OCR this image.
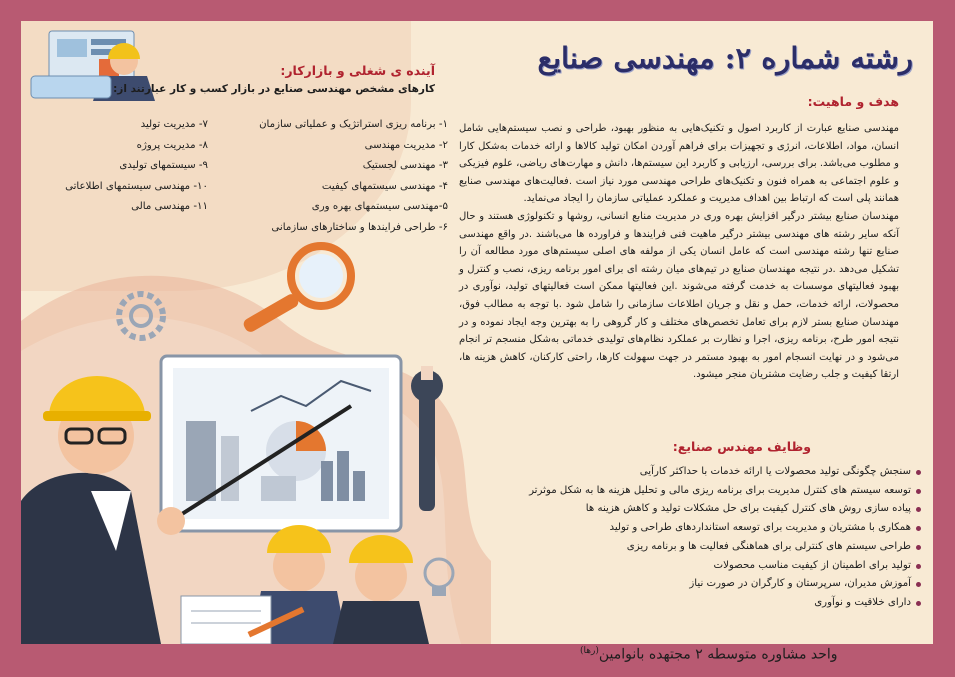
رشته شماره ۲: مهندسی صنایع
هدف و ماهیت:

مهندسی صنایع عبارت از کاربرد اصول و تکنیک‌هایی به منظور بهبود، طراحی و نصب سیستم‌هایی شامل انسان، مواد، اطلاعات، انرژی و تجهیزات برای فراهم آوردن امکان تولید کالاها و ارائه خدمات به‌شکل کارا و مطلوب می‌باشد. برای بررسی، ارزیابی و کاربرد این سیستم‌ها، دانش و مهارت‌های ریاضی، علوم فیزیکی و علوم اجتماعی به همراه فنون و تکنیک‌های طراحی مهندسی مورد نیاز است .فعالیت‌های مهندسی صنایع همانند پلی است که ارتباط بین اهداف مدیریت و عملکرد عملیاتی سازمان را ایجاد می‌نماید.

مهندسان صنایع بیشتر درگیر افزایش بهره وری در مدیریت منابع انسانی، روشها و تکنولوژی هستند و حال آنکه سایر رشته های مهندسی بیشتر درگیر ماهیت فنی فرایندها و فراورده ها می‌باشند .در واقع مهندسی صنایع تنها رشته مهندسی است که عامل انسان یکی از مولفه های اصلی سیستم‌های مورد مطالعه آن را تشکیل می‌دهد .در نتیجه مهندسان صنایع در تیم‌های میان رشته ای برای امور برنامه ریزی، نصب و کنترل و بهبود فعالیتهای موسسات به خدمت گرفته می‌شوند .این فعالیتها ممکن است فعالیتهای تولید، نوآوری در محصولات، ارائه خدمات، حمل و نقل و جریان اطلاعات سازمانی را شامل شود .با توجه به مطالب فوق، مهندسان صنایع بستر لازم برای تعامل تخصص‌های مختلف و کار گروهی را به بهترین وجه ایجاد نموده و در نتیجه امور طرح، برنامه ریزی، اجرا و نظارت بر عملکرد نظام‌های تولیدی خدماتی به‌شکل منسجم تر انجام می‌شود و در نهایت انسجام امور به بهبود مستمر در جهت سهولت کارها، راحتی کارکنان، کاهش هزینه ها، ارتقا کیفیت و جلب رضایت مشتریان منجر میشود.

وظایف مهندس صنایع:
سنجش چگونگی تولید محصولات یا ارائه خدمات با حداکثر کارآیی
توسعه سیستم های کنترل مدیریت برای برنامه ریزی مالی و تحلیل هزینه ها به شکل موثرتر
پیاده سازی روش های کنترل کیفیت برای حل مشکلات تولید و کاهش هزینه ها
همکاری با مشتریان و مدیریت برای توسعه استانداردهای طراحی و تولید
طراحی سیستم های کنترلی برای هماهنگی فعالیت ها و برنامه ریزی
تولید برای اطمینان از کیفیت مناسب محصولات
آموزش مدیران، سرپرستان و کارگران در صورت نیاز
دارای خلاقیت و نوآوری
آینده ی شغلی و بازارکار:
کارهای مشخص مهندسی صنایع در بازار کسب و کار عبارتند از:
۱- برنامه ریزی استراتژیک و عملیاتی سازمان
۲- مدیریت مهندسی
۳- مهندسی لجستیک
۴- مهندسی سیستمهای کیفیت
۵-مهندسی سیستمهای بهره وری
۶- طراحی فرایندها و ساختارهای سازمانی
۷- مدیریت تولید
۸- مدیریت پروژه
۹- سیستمهای تولیدی
۱۰- مهندسی سیستمهای اطلاعاتی
۱۱- مهندسی مالی
واحد مشاوره متوسطه ۲ مجتهده بانوامین$^{(رها)}$
